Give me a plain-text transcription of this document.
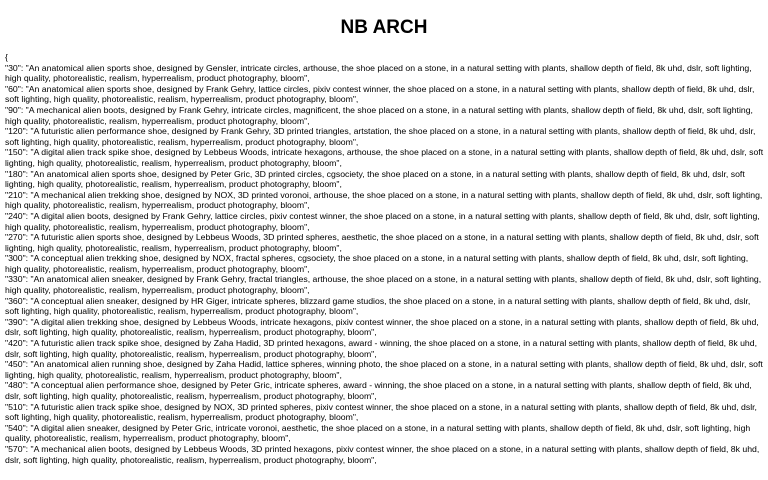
NB ARCH
{
"30": "An anatomical alien sports shoe, designed by Gensler, intricate circles, arthouse, the shoe placed on a stone, in a natural setting with plants, shallow depth of field, 8k uhd, dslr, soft lighting, high quality, photorealistic, realism, hyperrealism, product photography, bloom",
"60": "An anatomical alien sports shoe, designed by Frank Gehry, lattice circles, pixiv contest winner, the shoe placed on a stone, in a natural setting with plants, shallow depth of field, 8k uhd, dslr, soft lighting, high quality, photorealistic, realism, hyperrealism, product photography, bloom",
"90": "A mechanical alien boots, designed by Frank Gehry, intricate circles, magnificent, the shoe placed on a stone, in a natural setting with plants, shallow depth of field, 8k uhd, dslr, soft lighting, high quality, photorealistic, realism, hyperrealism, product photography, bloom",
"120": "A futuristic alien performance shoe, designed by Frank Gehry, 3D printed triangles, artstation, the shoe placed on a stone, in a natural setting with plants, shallow depth of field, 8k uhd, dslr, soft lighting, high quality, photorealistic, realism, hyperrealism, product photography, bloom",
"150": "A digital alien track spike shoe, designed by Lebbeus Woods, intricate hexagons, arthouse, the shoe placed on a stone, in a natural setting with plants, shallow depth of field, 8k uhd, dslr, soft lighting, high quality, photorealistic, realism, hyperrealism, product photography, bloom",
"180": "An anatomical alien sports shoe, designed by Peter Gric, 3D printed circles, cgsociety, the shoe placed on a stone, in a natural setting with plants, shallow depth of field, 8k uhd, dslr, soft lighting, high quality, photorealistic, realism, hyperrealism, product photography, bloom",
"210": "A mechanical alien trekking shoe, designed by NOX, 3D printed voronoi, arthouse, the shoe placed on a stone, in a natural setting with plants, shallow depth of field, 8k uhd, dslr, soft lighting, high quality, photorealistic, realism, hyperrealism, product photography, bloom",
"240": "A digital alien boots, designed by Frank Gehry, lattice circles, pixiv contest winner, the shoe placed on a stone, in a natural setting with plants, shallow depth of field, 8k uhd, dslr, soft lighting, high quality, photorealistic, realism, hyperrealism, product photography, bloom",
"270": "A futuristic alien sports shoe, designed by Lebbeus Woods, 3D printed spheres, aesthetic, the shoe placed on a stone, in a natural setting with plants, shallow depth of field, 8k uhd, dslr, soft lighting, high quality, photorealistic, realism, hyperrealism, product photography, bloom",
"300": "A conceptual alien trekking shoe, designed by NOX, fractal spheres, cgsociety, the shoe placed on a stone, in a natural setting with plants, shallow depth of field, 8k uhd, dslr, soft lighting, high quality, photorealistic, realism, hyperrealism, product photography, bloom",
"330": "An anatomical alien sneaker, designed by Frank Gehry, fractal triangles, arthouse, the shoe placed on a stone, in a natural setting with plants, shallow depth of field, 8k uhd, dslr, soft lighting, high quality, photorealistic, realism, hyperrealism, product photography, bloom",
"360": "A conceptual alien sneaker, designed by HR Giger, intricate spheres, blizzard game studios, the shoe placed on a stone, in a natural setting with plants, shallow depth of field, 8k uhd, dslr, soft lighting, high quality, photorealistic, realism, hyperrealism, product photography, bloom",
"390": "A digital alien trekking shoe, designed by Lebbeus Woods, intricate hexagons, pixiv contest winner, the shoe placed on a stone, in a natural setting with plants, shallow depth of field, 8k uhd, dslr, soft lighting, high quality, photorealistic, realism, hyperrealism, product photography, bloom",
"420": "A futuristic alien track spike shoe, designed by Zaha Hadid, 3D printed hexagons, award - winning, the shoe placed on a stone, in a natural setting with plants, shallow depth of field, 8k uhd, dslr, soft lighting, high quality, photorealistic, realism, hyperrealism, product photography, bloom",
"450": "An anatomical alien running shoe, designed by Zaha Hadid, lattice spheres, winning photo, the shoe placed on a stone, in a natural setting with plants, shallow depth of field, 8k uhd, dslr, soft lighting, high quality, photorealistic, realism, hyperrealism, product photography, bloom",
"480": "A conceptual alien performance shoe, designed by Peter Gric, intricate spheres, award - winning, the shoe placed on a stone, in a natural setting with plants, shallow depth of field, 8k uhd, dslr, soft lighting, high quality, photorealistic, realism, hyperrealism, product photography, bloom",
"510": "A futuristic alien track spike shoe, designed by NOX, 3D printed spheres, pixiv contest winner, the shoe placed on a stone, in a natural setting with plants, shallow depth of field, 8k uhd, dslr, soft lighting, high quality, photorealistic, realism, hyperrealism, product photography, bloom",
"540": "A digital alien sneaker, designed by Peter Gric, intricate voronoi, aesthetic, the shoe placed on a stone, in a natural setting with plants, shallow depth of field, 8k uhd, dslr, soft lighting, high quality, photorealistic, realism, hyperrealism, product photography, bloom",
"570": "A mechanical alien boots, designed by Lebbeus Woods, 3D printed hexagons, pixiv contest winner, the shoe placed on a stone, in a natural setting with plants, shallow depth of field, 8k uhd, dslr, soft lighting, high quality, photorealistic, realism, hyperrealism, product photography, bloom",
